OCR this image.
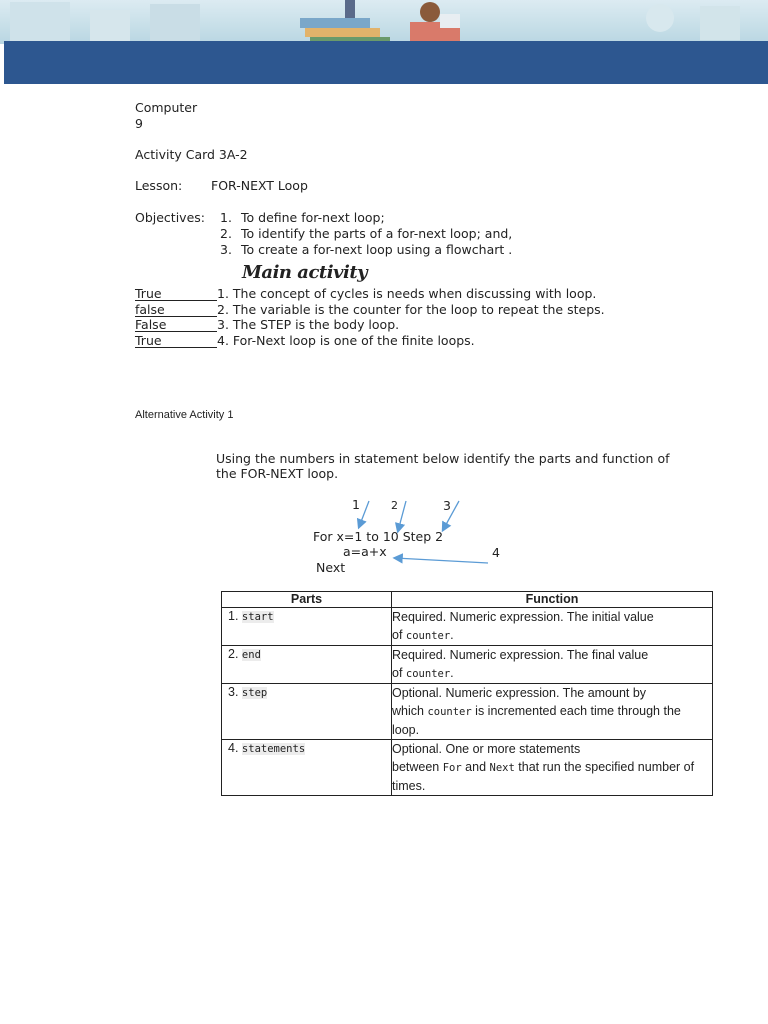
Computer
9
Activity Card 3A-2
Lesson: FOR-NEXT Loop
Objectives: 1. To define for-next loop;
2. To identify the parts of a for-next loop; and,
3. To create a for-next loop using a flowchart .
Main activity
True	1. The concept of cycles is needs when discussing with loop.
false	2. The variable is the counter for the loop to repeat the steps.
False	3. The STEP is the body loop.
True	4. For-Next loop is one of the finite loops.
Alternative Activity 1
Using the numbers in statement below identify the parts and function of
the FOR-NEXT loop.
1	2	3
4
For x=1 to 10 Step 2
a=a+x
Next
Parts	Function
1. start	Required. Numeric expression. The initial value
of counter.

2. end	Required. Numeric expression. The final value
of counter.

3. step	Optional. Numeric expression. The amount by
which counter is incremented each time through the
loop.

4. statements	Optional. One or more statements
between For and Next that run the specified number of
times.
